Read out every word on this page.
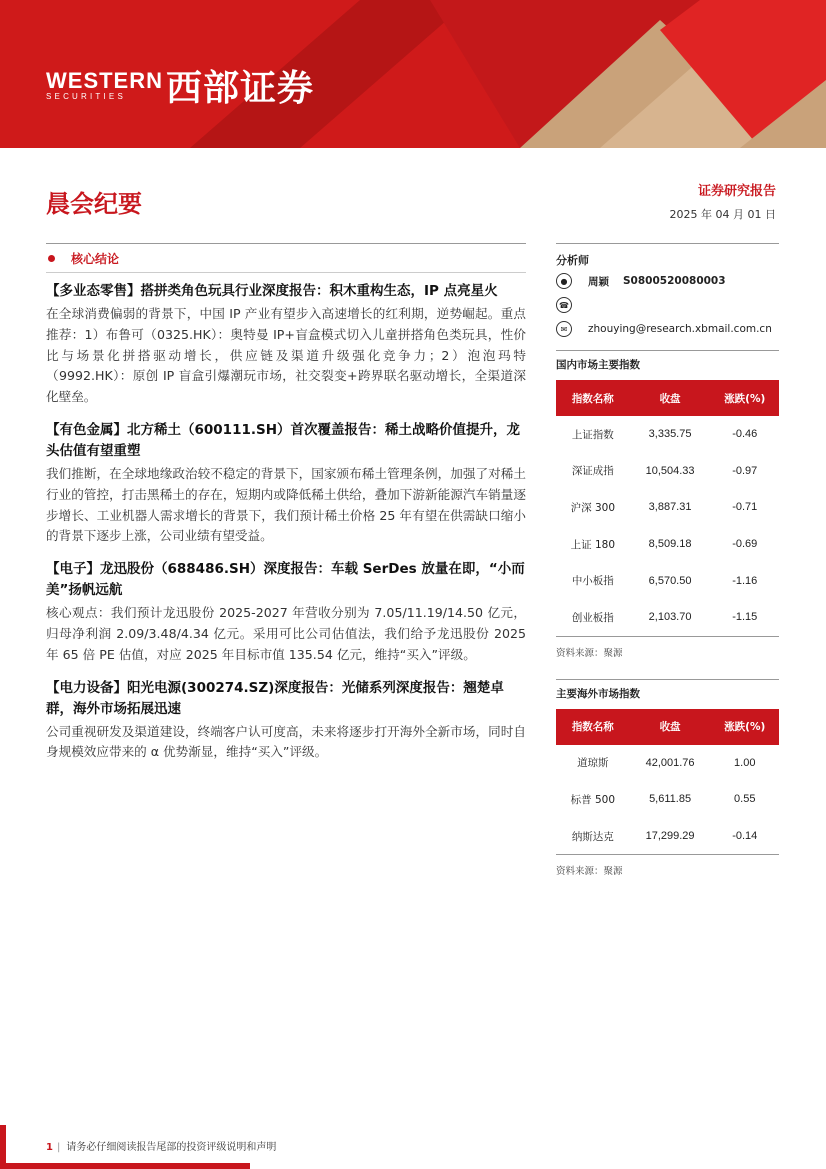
WESTERN
SECURITIES	西部证券
晨会纪要	证券研究报告
2025 年 04 月 01 日
核心结论
【多业态零售】搭拼类角色玩具行业深度报告：积木重构生态，IP 点亮星火

在全球消费偏弱的背景下，中国 IP 产业有望步入高速增长的红利期，逆势崛起。重点推荐：1）布鲁可（0325.HK）：奥特曼 IP+盲盒模式切入儿童拼搭角色类玩具，性价比与场景化拼搭驱动增长，供应链及渠道升级强化竞争力；2）泡泡玛特（9992.HK）：原创 IP 盲盒引爆潮玩市场，社交裂变+跨界联名驱动增长，全渠道深化壁垒。

【有色金属】北方稀土（600111.SH）首次覆盖报告：稀土战略价值提升，龙头估值有望重塑

我们推断，在全球地缘政治较不稳定的背景下，国家颁布稀土管理条例，加强了对稀土行业的管控，打击黑稀土的存在，短期内或降低稀土供给，叠加下游新能源汽车销量逐步增长、工业机器人需求增长的背景下，我们预计稀土价格 25 年有望在供需缺口缩小的背景下逐步上涨，公司业绩有望受益。

【电子】龙迅股份（688486.SH）深度报告：车载 SerDes 放量在即，“小而美”扬帆远航

核心观点：我们预计龙迅股份 2025-2027 年营收分别为 7.05/11.19/14.50 亿元，归母净利润 2.09/3.48/4.34 亿元。采用可比公司估值法，我们给予龙迅股份 2025 年 65 倍 PE 估值，对应 2025 年目标市值 135.54 亿元，维持“买入”评级。

【电力设备】阳光电源(300274.SZ)深度报告：光储系列深度报告：翘楚卓群，海外市场拓展迅速

公司重视研发及渠道建设，终端客户认可度高，未来将逐步打开海外全新市场，同时自身规模效应带来的 α 优势渐显，维持“买入”评级。

分析师
●	周颖 S0800520080003
☎
✉	zhouying@research.xbmail.com.cn
国内市场主要指数
指数名称	收盘	涨跌(%)
上证指数	3,335.75	-0.46
深证成指	10,504.33	-0.97
沪深 300	3,887.31	-0.71
上证 180	8,509.18	-0.69
中小板指	6,570.50	-1.16
创业板指	2,103.70	-1.15
资料来源：聚源
主要海外市场指数
指数名称	收盘	涨跌(%)
道琼斯	42,001.76	1.00
标普 500	5,611.85	0.55
纳斯达克	17,299.29	-0.14
资料来源：聚源
1 | 请务必仔细阅读报告尾部的投资评级说明和声明
